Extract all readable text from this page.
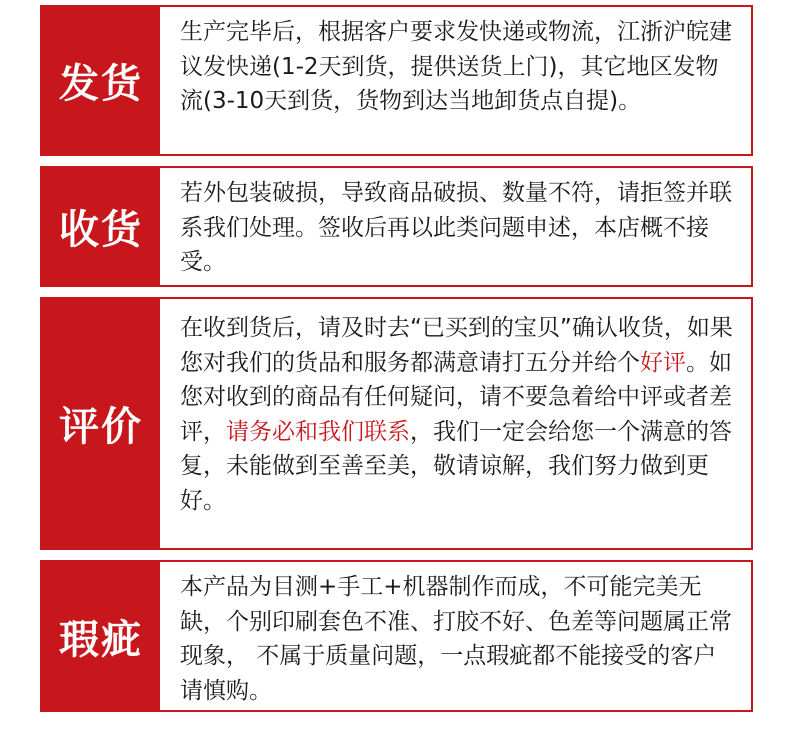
发货
生产完毕后，根据客户要求发快递或物流，江浙沪皖建议发快递(1-2天到货，提供送货上门)，其它地区发物流(3-10天到货，货物到达当地卸货点自提)。
收货
若外包装破损，导致商品破损、数量不符，请拒签并联系我们处理。签收后再以此类问题申述，本店概不接受。
评价
在收到货后，请及时去“已买到的宝贝”确认收货，如果您对我们的货品和服务都满意请打五分并给个好评。如您对收到的商品有任何疑问，请不要急着给中评或者差评，请务必和我们联系，我们一定会给您一个满意的答复，未能做到至善至美，敬请谅解，我们努力做到更好。
瑕疵
本产品为目测+手工+机器制作而成，不可能完美无缺，个别印刷套色不准、打胶不好、色差等问题属正常现象， 不属于质量问题，一点瑕疵都不能接受的客户请慎购。
